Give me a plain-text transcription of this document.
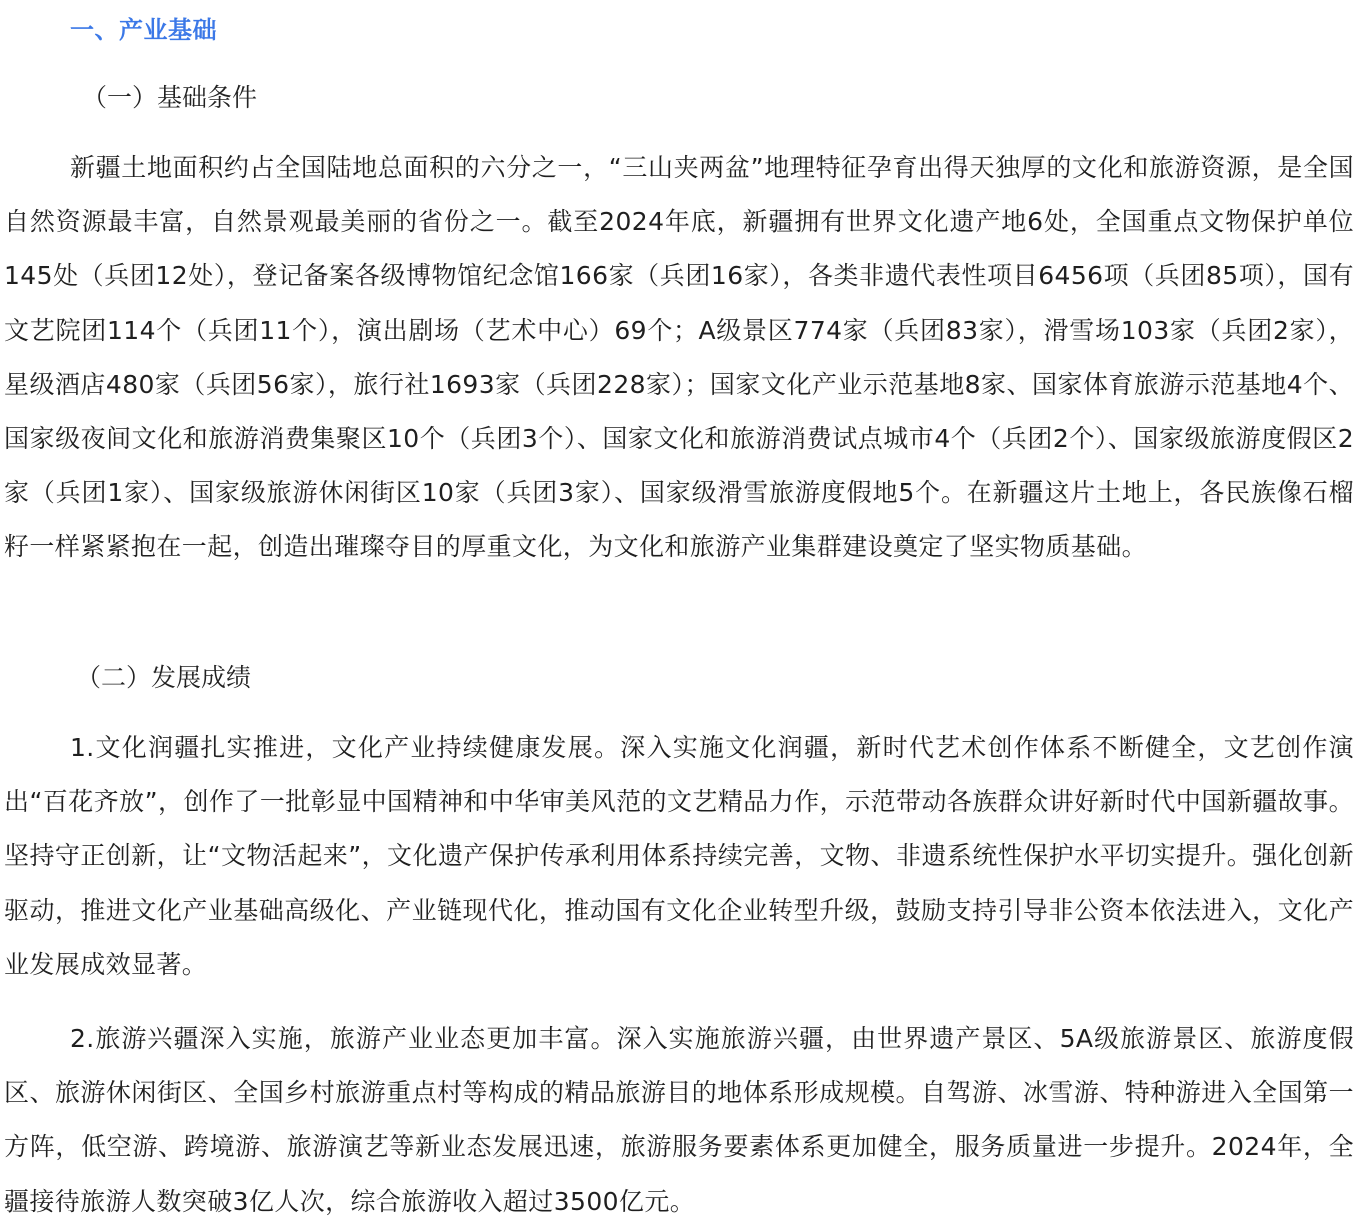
一、产业基础
（一）基础条件

新疆土地面积约占全国陆地总面积的六分之一，“三山夹两盆”地理特征孕育出得天独厚的文化和旅游资源，是全国自然资源最丰富，自然景观最美丽的省份之一。截至2024年底，新疆拥有世界文化遗产地6处，全国重点文物保护单位145处（兵团12处），登记备案各级博物馆纪念馆166家（兵团16家），各类非遗代表性项目6456项（兵团85项），国有文艺院团114个（兵团11个），演出剧场（艺术中心）69个；A级景区774家（兵团83家），滑雪场103家（兵团2家），星级酒店480家（兵团56家），旅行社1693家（兵团228家）；国家文化产业示范基地8家、国家体育旅游示范基地4个、国家级夜间文化和旅游消费集聚区10个（兵团3个）、国家文化和旅游消费试点城市4个（兵团2个）、国家级旅游度假区2家（兵团1家）、国家级旅游休闲街区10家（兵团3家）、国家级滑雪旅游度假地5个。在新疆这片土地上，各民族像石榴籽一样紧紧抱在一起，创造出璀璨夺目的厚重文化，为文化和旅游产业集群建设奠定了坚实物质基础。

（二）发展成绩

1.文化润疆扎实推进，文化产业持续健康发展。深入实施文化润疆，新时代艺术创作体系不断健全，文艺创作演出“百花齐放”，创作了一批彰显中国精神和中华审美风范的文艺精品力作，示范带动各族群众讲好新时代中国新疆故事。坚持守正创新，让“文物活起来”，文化遗产保护传承利用体系持续完善，文物、非遗系统性保护水平切实提升。强化创新驱动，推进文化产业基础高级化、产业链现代化，推动国有文化企业转型升级，鼓励支持引导非公资本依法进入，文化产业发展成效显著。

2.旅游兴疆深入实施，旅游产业业态更加丰富。深入实施旅游兴疆，由世界遗产景区、5A级旅游景区、旅游度假区、旅游休闲街区、全国乡村旅游重点村等构成的精品旅游目的地体系形成规模。自驾游、冰雪游、特种游进入全国第一方阵，低空游、跨境游、旅游演艺等新业态发展迅速，旅游服务要素体系更加健全，服务质量进一步提升。2024年，全疆接待旅游人数突破3亿人次，综合旅游收入超过3500亿元。
